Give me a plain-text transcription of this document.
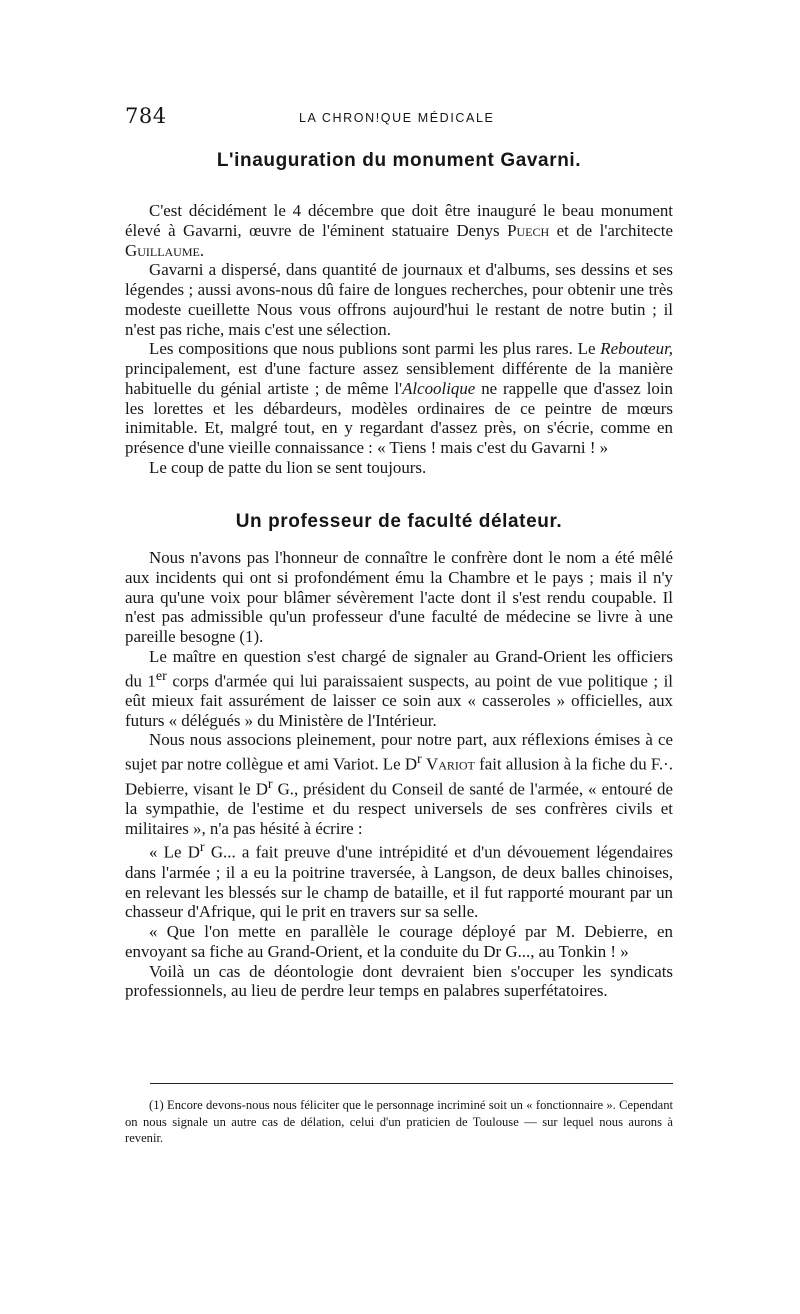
784	LA CHRON!QUE MÉDICALE
L'inauguration du monument Gavarni.

C'est décidément le 4 décembre que doit être inauguré le beau monument élevé à Gavarni, œuvre de l'éminent statuaire Denys Puech et de l'architecte Guillaume.

Gavarni a dispersé, dans quantité de journaux et d'albums, ses dessins et ses légendes ; aussi avons-nous dû faire de longues recherches, pour obtenir une très modeste cueillette Nous vous offrons aujourd'hui le restant de notre butin ; il n'est pas riche, mais c'est une sélection.

Les compositions que nous publions sont parmi les plus rares. Le Rebouteur, principalement, est d'une facture assez sensiblement différente de la manière habituelle du génial artiste ; de même l'Alcoolique ne rappelle que d'assez loin les lorettes et les débardeurs, modèles ordinaires de ce peintre de mœurs inimitable. Et, malgré tout, en y regardant d'assez près, on s'écrie, comme en présence d'une vieille connaissance : « Tiens ! mais c'est du Gavarni ! »

Le coup de patte du lion se sent toujours.

Un professeur de faculté délateur.

Nous n'avons pas l'honneur de connaître le confrère dont le nom a été mêlé aux incidents qui ont si profondément ému la Chambre et le pays ; mais il n'y aura qu'une voix pour blâmer sévèrement l'acte dont il s'est rendu coupable. Il n'est pas admissible qu'un professeur d'une faculté de médecine se livre à une pareille besogne (1).

Le maître en question s'est chargé de signaler au Grand-Orient les officiers du 1er corps d'armée qui lui paraissaient suspects, au point de vue politique ; il eût mieux fait assurément de laisser ce soin aux « casseroles » officielles, aux futurs « délégués » du Ministère de l'Intérieur.

Nous nous associons pleinement, pour notre part, aux réflexions émises à ce sujet par notre collègue et ami Variot. Le $D^r$ Variot fait allusion à la fiche du F.·. Debierre, visant le $D^r$ G., président du Conseil de santé de l'armée, « entouré de la sympathie, de l'estime et du respect universels de ses confrères civils et militaires », n'a pas hésité à écrire :

« Le $D^r$ G... a fait preuve d'une intrépidité et d'un dévouement légendaires dans l'armée ; il a eu la poitrine traversée, à Langson, de deux balles chinoises, en relevant les blessés sur le champ de bataille, et il fut rapporté mourant par un chasseur d'Afrique, qui le prit en travers sur sa selle.

« Que l'on mette en parallèle le courage déployé par M. Debierre, en envoyant sa fiche au Grand-Orient, et la conduite du Dr G..., au Tonkin ! »

Voilà un cas de déontologie dont devraient bien s'occuper les syndicats professionnels, au lieu de perdre leur temps en palabres superfétatoires.

(1) Encore devons-nous nous féliciter que le personnage incriminé soit un « fonctionnaire ». Cependant on nous signale un autre cas de délation, celui d'un praticien de Toulouse — sur lequel nous aurons à revenir.
